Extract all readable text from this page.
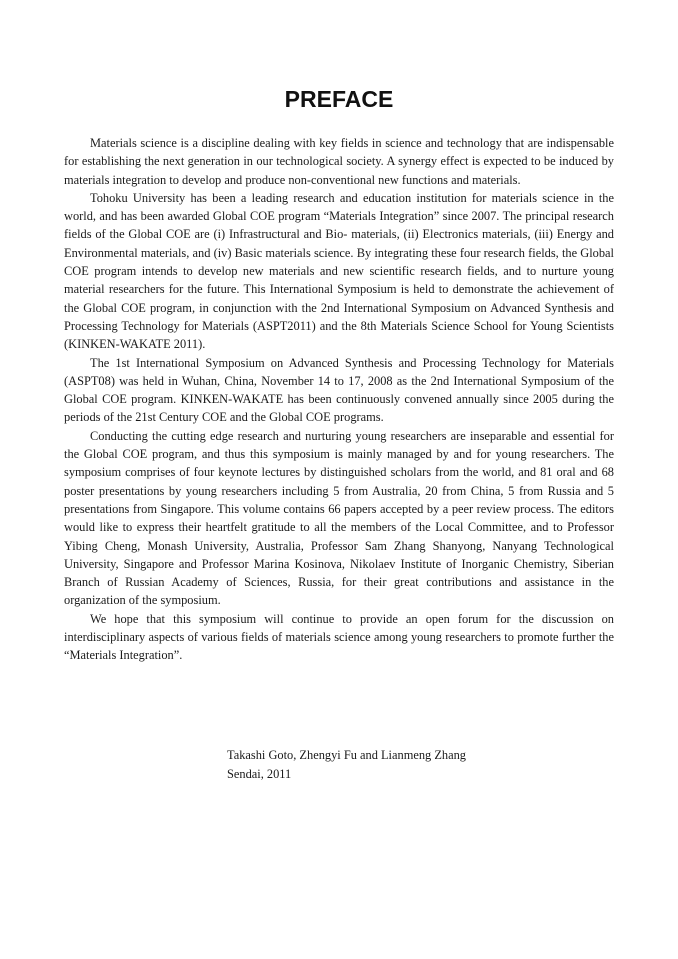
PREFACE

Materials science is a discipline dealing with key fields in science and technology that are indispensable for establishing the next generation in our technological society. A synergy effect is expected to be induced by materials integration to develop and produce non-conventional new functions and materials.

Tohoku University has been a leading research and education institution for materials science in the world, and has been awarded Global COE program “Materials Integration” since 2007. The principal research fields of the Global COE are (i) Infrastructural and Bio- materials, (ii) Electronics materials, (iii) Energy and Environmental materials, and (iv) Basic materials science. By integrating these four research fields, the Global COE program intends to develop new materials and new scientific research fields, and to nurture young material researchers for the future. This International Symposium is held to demonstrate the achievement of the Global COE program, in conjunction with the 2nd International Symposium on Advanced Synthesis and Processing Technology for Materials (ASPT2011) and the 8th Materials Science School for Young Scientists (KINKEN-WAKATE 2011).

The 1st International Symposium on Advanced Synthesis and Processing Technology for Materials (ASPT08) was held in Wuhan, China, November 14 to 17, 2008 as the 2nd International Symposium of the Global COE program. KINKEN-WAKATE has been continuously convened annually since 2005 during the periods of the 21st Century COE and the Global COE programs.

Conducting the cutting edge research and nurturing young researchers are inseparable and essential for the Global COE program, and thus this symposium is mainly managed by and for young researchers. The symposium comprises of four keynote lectures by distinguished scholars from the world, and 81 oral and 68 poster presentations by young researchers including 5 from Australia, 20 from China, 5 from Russia and 5 presentations from Singapore. This volume contains 66 papers accepted by a peer review process. The editors would like to express their heartfelt gratitude to all the members of the Local Committee, and to Professor Yibing Cheng, Monash University, Australia, Professor Sam Zhang Shanyong, Nanyang Technological University, Singapore and Professor Marina Kosinova, Nikolaev Institute of Inorganic Chemistry, Siberian Branch of Russian Academy of Sciences, Russia, for their great contributions and assistance in the organization of the symposium.

We hope that this symposium will continue to provide an open forum for the discussion on interdisciplinary aspects of various fields of materials science among young researchers to promote further the “Materials Integration”.

Takashi Goto, Zhengyi Fu and Lianmeng Zhang
Sendai, 2011
